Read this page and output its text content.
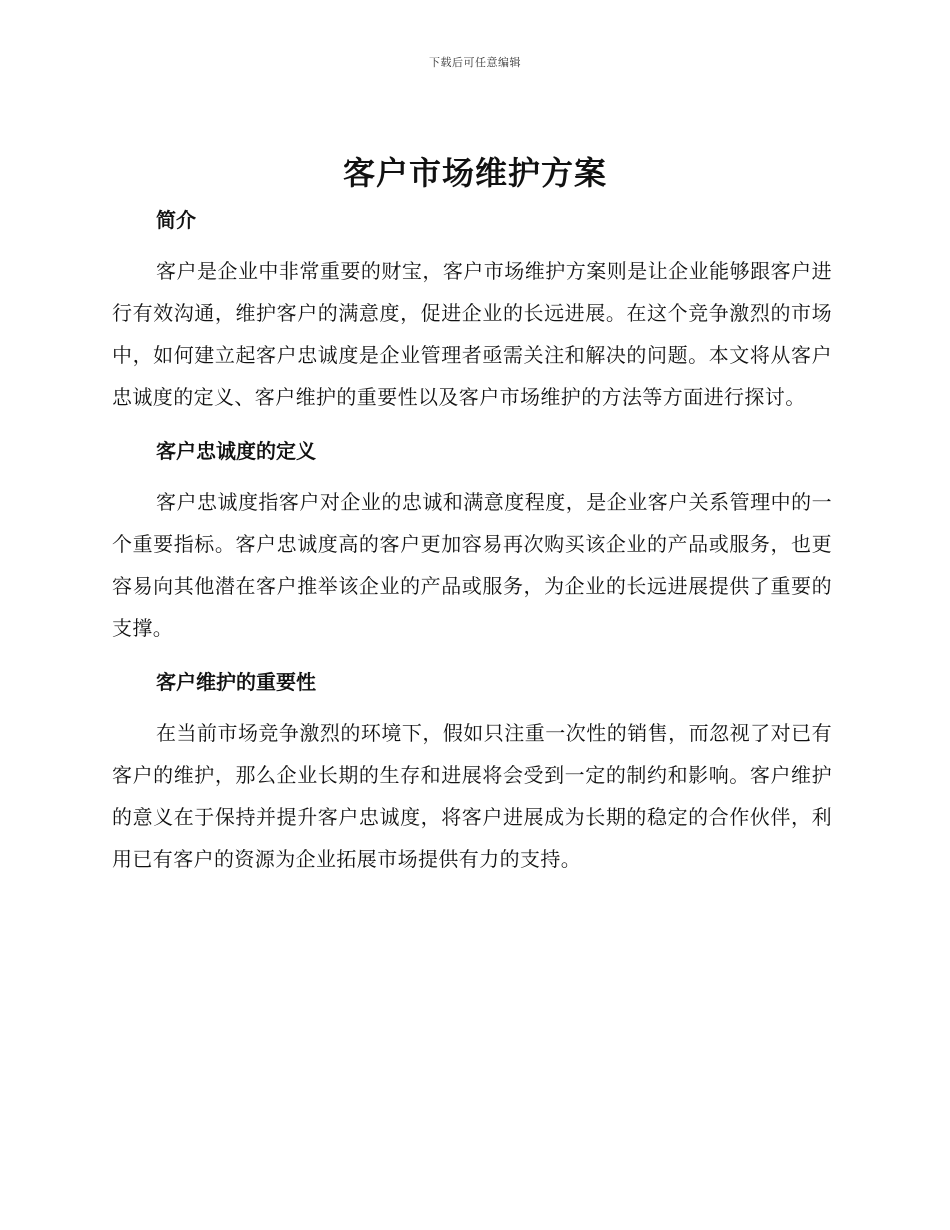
下载后可任意编辑
客户市场维护方案
简介

客户是企业中非常重要的财宝，客户市场维护方案则是让企业能够跟客户进行有效沟通，维护客户的满意度，促进企业的长远进展。在这个竞争激烈的市场中，如何建立起客户忠诚度是企业管理者亟需关注和解决的问题。本文将从客户忠诚度的定义、客户维护的重要性以及客户市场维护的方法等方面进行探讨。

客户忠诚度的定义

客户忠诚度指客户对企业的忠诚和满意度程度，是企业客户关系管理中的一个重要指标。客户忠诚度高的客户更加容易再次购买该企业的产品或服务，也更容易向其他潜在客户推举该企业的产品或服务，为企业的长远进展提供了重要的支撑。

客户维护的重要性

在当前市场竞争激烈的环境下，假如只注重一次性的销售，而忽视了对已有客户的维护，那么企业长期的生存和进展将会受到一定的制约和影响。客户维护的意义在于保持并提升客户忠诚度，将客户进展成为长期的稳定的合作伙伴，利用已有客户的资源为企业拓展市场提供有力的支持。
